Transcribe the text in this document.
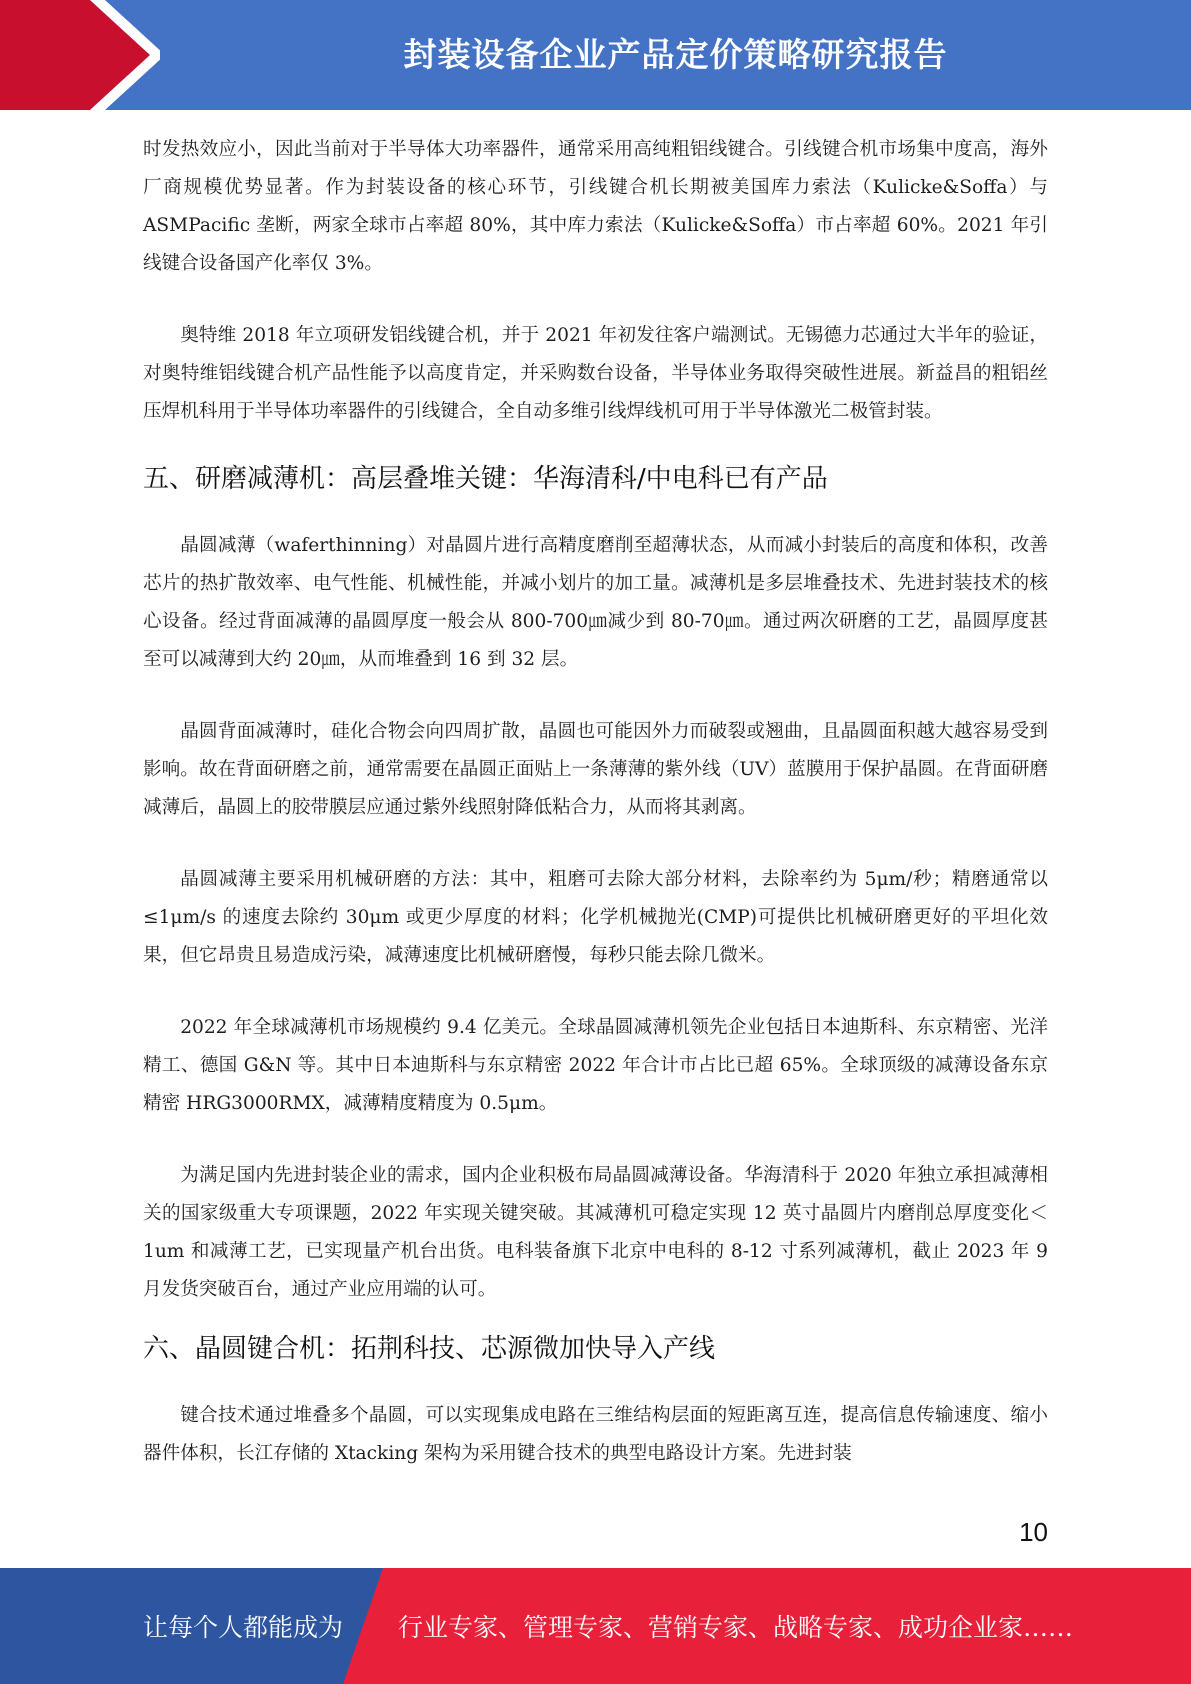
封装设备企业产品定价策略研究报告

时发热效应小，因此当前对于半导体大功率器件，通常采用高纯粗铝线键合。引线键合机市场集中度高，海外厂商规模优势显著。作为封装设备的核心环节，引线键合机长期被美国库力索法（Kulicke&Soffa）与 ASMPacific 垄断，两家全球市占率超 80%，其中库力索法（Kulicke&Soffa）市占率超 60%。2021 年引线键合设备国产化率仅 3%。

奥特维 2018 年立项研发铝线键合机，并于 2021 年初发往客户端测试。无锡德力芯通过大半年的验证，对奥特维铝线键合机产品性能予以高度肯定，并采购数台设备，半导体业务取得突破性进展。新益昌的粗铝丝压焊机科用于半导体功率器件的引线键合，全自动多维引线焊线机可用于半导体激光二极管封装。

五、研磨减薄机：高层叠堆关键：华海清科/中电科已有产品

晶圆减薄（waferthinning）对晶圆片进行高精度磨削至超薄状态，从而减小封装后的高度和体积，改善芯片的热扩散效率、电气性能、机械性能，并减小划片的加工量。减薄机是多层堆叠技术、先进封装技术的核心设备。经过背面减薄的晶圆厚度一般会从 800-700㎛减少到 80-70㎛。通过两次研磨的工艺，晶圆厚度甚至可以减薄到大约 20㎛，从而堆叠到 16 到 32 层。

晶圆背面减薄时，硅化合物会向四周扩散，晶圆也可能因外力而破裂或翘曲，且晶圆面积越大越容易受到影响。故在背面研磨之前，通常需要在晶圆正面贴上一条薄薄的紫外线（UV）蓝膜用于保护晶圆。在背面研磨减薄后，晶圆上的胶带膜层应通过紫外线照射降低粘合力，从而将其剥离。

晶圆减薄主要采用机械研磨的方法：其中，粗磨可去除大部分材料，去除率约为 5μm/秒；精磨通常以≤1μm/s 的速度去除约 30μm 或更少厚度的材料；化学机械抛光(CMP)可提供比机械研磨更好的平坦化效果，但它昂贵且易造成污染，减薄速度比机械研磨慢，每秒只能去除几微米。

2022 年全球减薄机市场规模约 9.4 亿美元。全球晶圆减薄机领先企业包括日本迪斯科、东京精密、光洋精工、德国 G&N 等。其中日本迪斯科与东京精密 2022 年合计市占比已超 65%。全球顶级的减薄设备东京精密 HRG3000RMX，减薄精度精度为 0.5μm。

为满足国内先进封装企业的需求，国内企业积极布局晶圆减薄设备。华海清科于 2020 年独立承担减薄相关的国家级重大专项课题，2022 年实现关键突破。其减薄机可稳定实现 12 英寸晶圆片内磨削总厚度变化＜1um 和减薄工艺，已实现量产机台出货。电科装备旗下北京中电科的 8-12 寸系列减薄机，截止 2023 年 9 月发货突破百台，通过产业应用端的认可。

六、晶圆键合机：拓荆科技、芯源微加快导入产线

键合技术通过堆叠多个晶圆，可以实现集成电路在三维结构层面的短距离互连，提高信息传输速度、缩小器件体积，长江存储的 Xtacking 架构为采用键合技术的典型电路设计方案。先进封装

10
让每个人都能成为 行业专家、管理专家、营销专家、战略专家、成功企业家……
